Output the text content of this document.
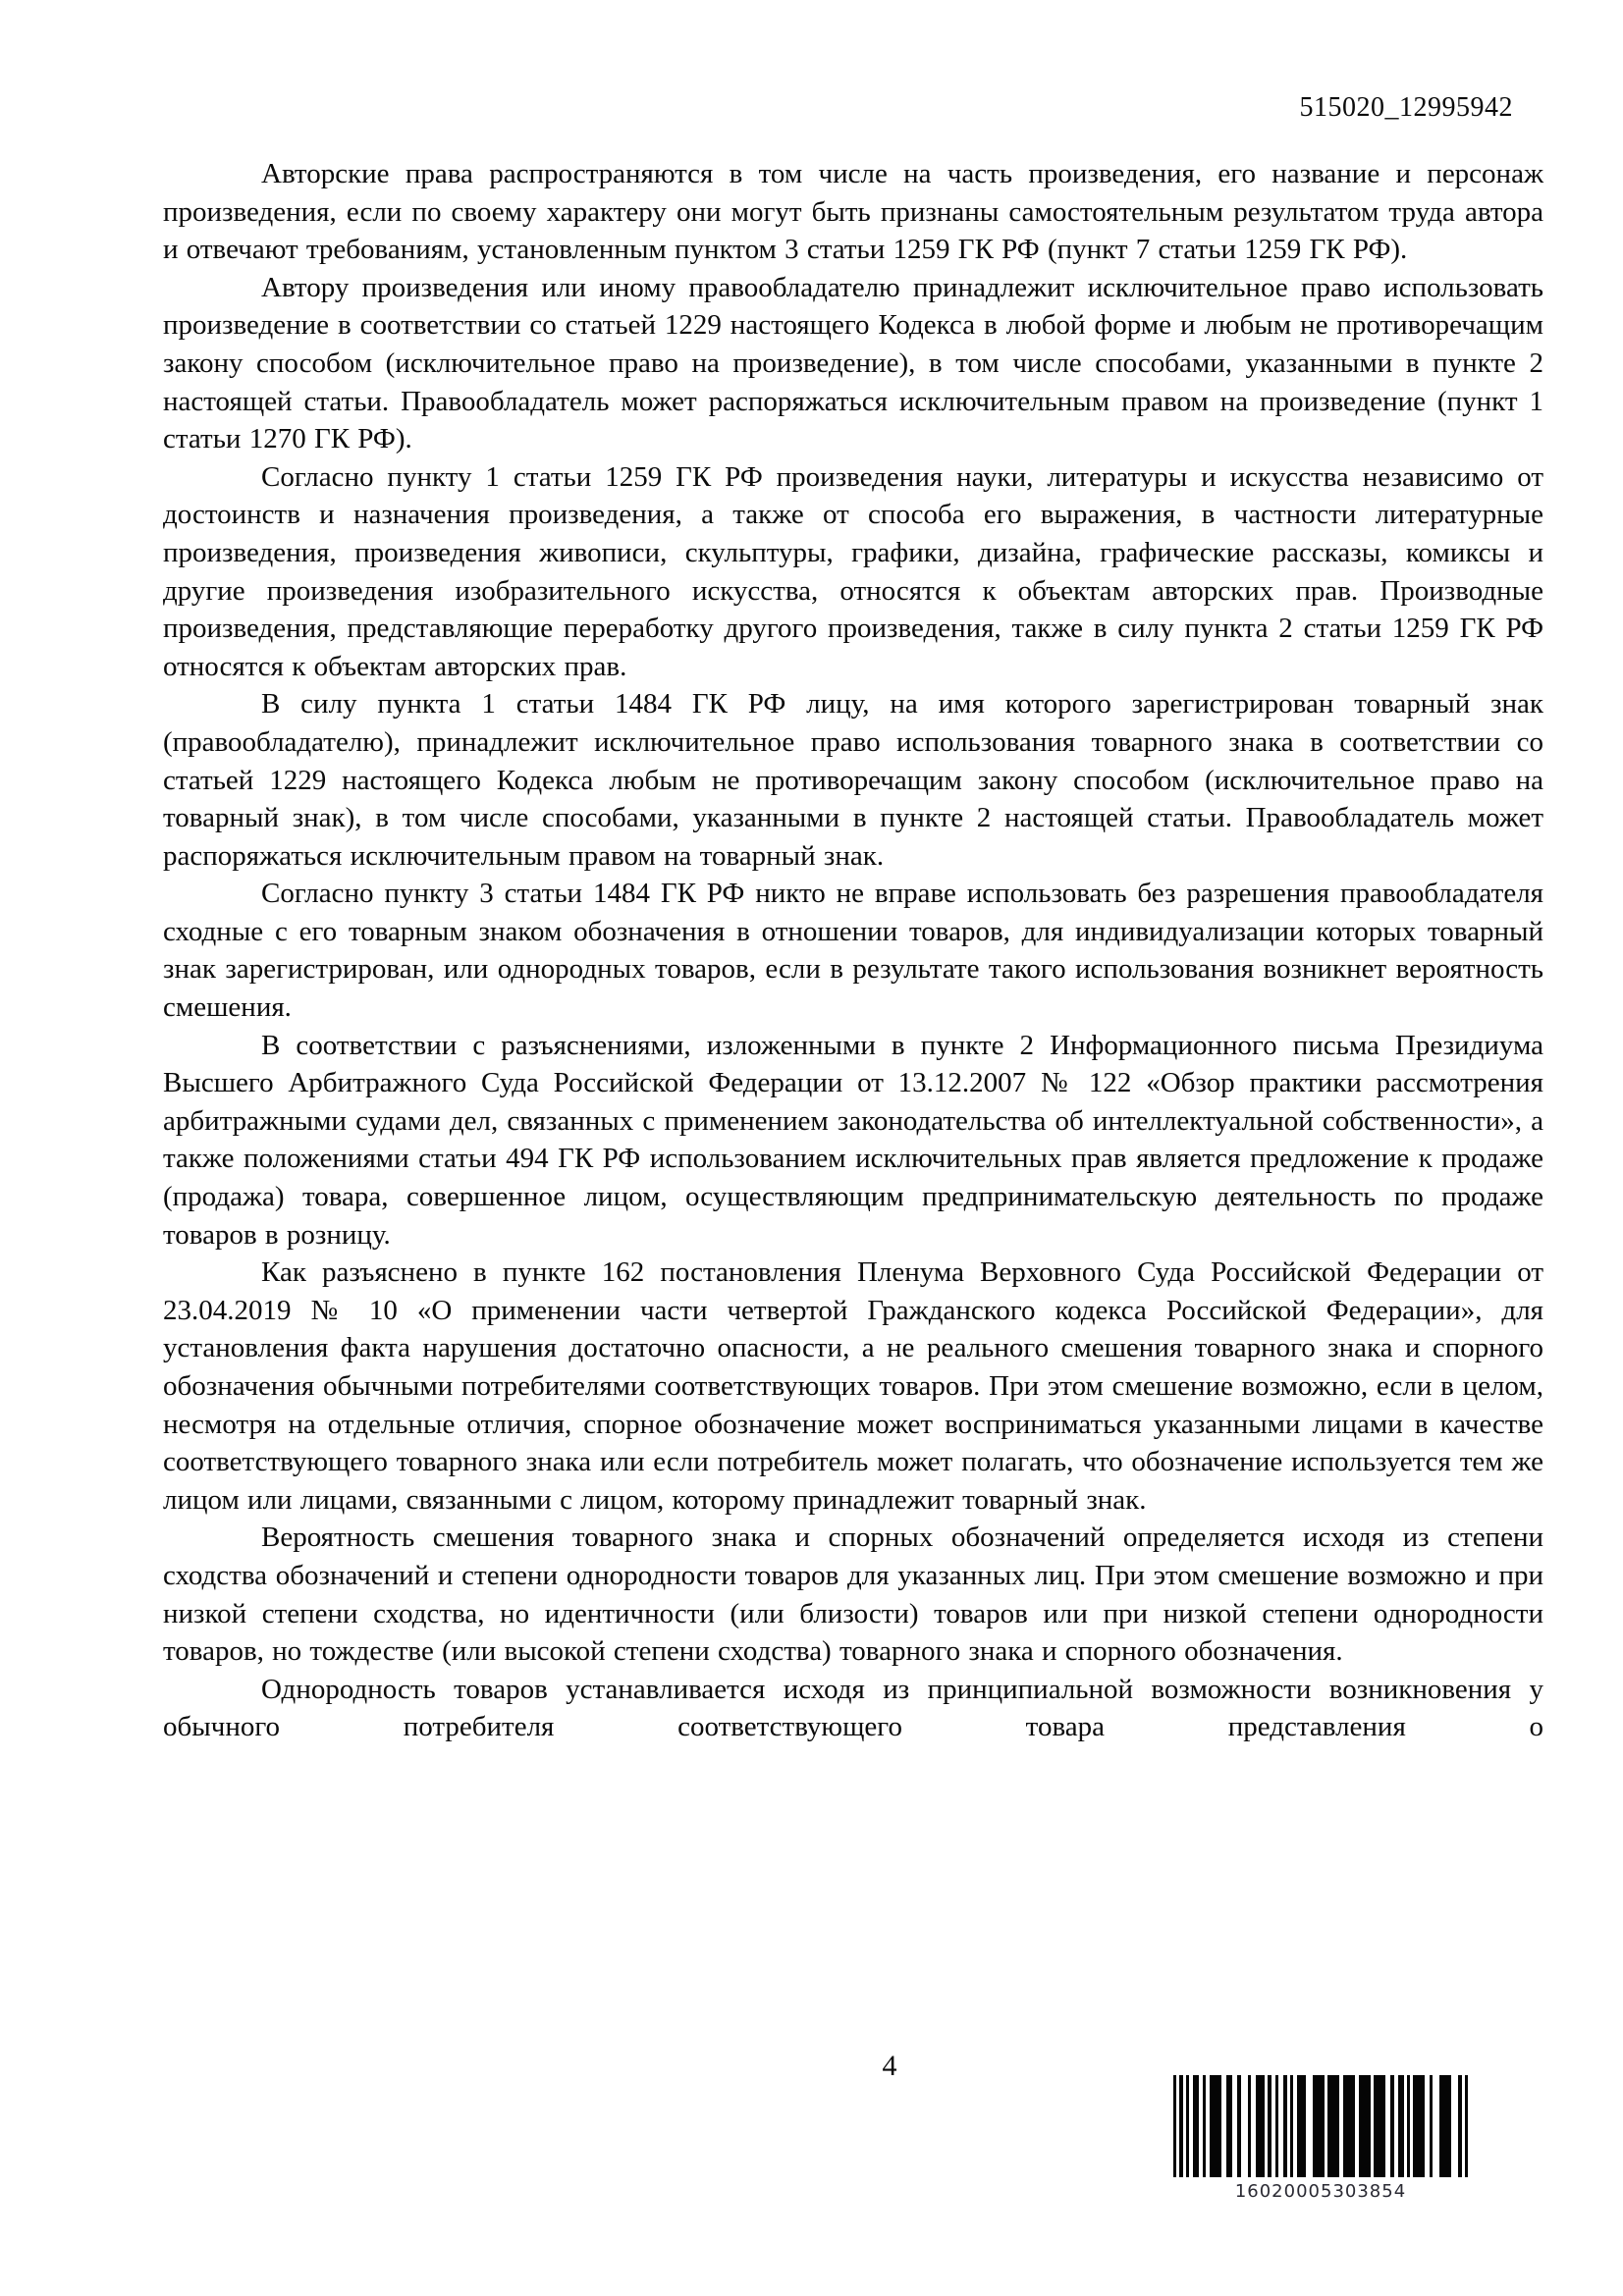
515020_12995942

Авторские права распространяются в том числе на часть произведения, его название и персонаж произведения, если по своему характеру они могут быть признаны самостоятельным результатом труда автора и отвечают требованиям, установленным пунктом 3 статьи 1259 ГК РФ (пункт 7 статьи 1259 ГК РФ).

Автору произведения или иному правообладателю принадлежит исключительное право использовать произведение в соответствии со статьей 1229 настоящего Кодекса в любой форме и любым не противоречащим закону способом (исключительное право на произведение), в том числе способами, указанными в пункте 2 настоящей статьи. Правообладатель может распоряжаться исключительным правом на произведение (пункт 1 статьи 1270 ГК РФ).

Согласно пункту 1 статьи 1259 ГК РФ произведения науки, литературы и искусства независимо от достоинств и назначения произведения, а также от способа его выражения, в частности литературные произведения, произведения живописи, скульптуры, графики, дизайна, графические рассказы, комиксы и другие произведения изобразительного искусства, относятся к объектам авторских прав. Производные произведения, представляющие переработку другого произведения, также в силу пункта 2 статьи 1259 ГК РФ относятся к объектам авторских прав.

В силу пункта 1 статьи 1484 ГК РФ лицу, на имя которого зарегистрирован товарный знак (правообладателю), принадлежит исключительное право использования товарного знака в соответствии со статьей 1229 настоящего Кодекса любым не противоречащим закону способом (исключительное право на товарный знак), в том числе способами, указанными в пункте 2 настоящей статьи. Правообладатель может распоряжаться исключительным правом на товарный знак.

Согласно пункту 3 статьи 1484 ГК РФ никто не вправе использовать без разрешения правообладателя сходные с его товарным знаком обозначения в отношении товаров, для индивидуализации которых товарный знак зарегистрирован, или однородных товаров, если в результате такого использования возникнет вероятность смешения.

В соответствии с разъяснениями, изложенными в пункте 2 Информационного письма Президиума Высшего Арбитражного Суда Российской Федерации от 13.12.2007 № 122 «Обзор практики рассмотрения арбитражными судами дел, связанных с применением законодательства об интеллектуальной собственности», а также положениями статьи 494 ГК РФ использованием исключительных прав является предложение к продаже (продажа) товара, совершенное лицом, осуществляющим предпринимательскую деятельность по продаже товаров в розницу.

Как разъяснено в пункте 162 постановления Пленума Верховного Суда Российской Федерации от 23.04.2019 № 10 «О применении части четвертой Гражданского кодекса Российской Федерации», для установления факта нарушения достаточно опасности, а не реального смешения товарного знака и спорного обозначения обычными потребителями соответствующих товаров. При этом смешение возможно, если в целом, несмотря на отдельные отличия, спорное обозначение может восприниматься указанными лицами в качестве соответствующего товарного знака или если потребитель может полагать, что обозначение используется тем же лицом или лицами, связанными с лицом, которому принадлежит товарный знак.

Вероятность смешения товарного знака и спорных обозначений определяется исходя из степени сходства обозначений и степени однородности товаров для указанных лиц. При этом смешение возможно и при низкой степени сходства, но идентичности (или близости) товаров или при низкой степени однородности товаров, но тождестве (или высокой степени сходства) товарного знака и спорного обозначения.

Однородность товаров устанавливается исходя из принципиальной возможности возникновения у обычного потребителя соответствующего товара представления о

4
16020005303854
